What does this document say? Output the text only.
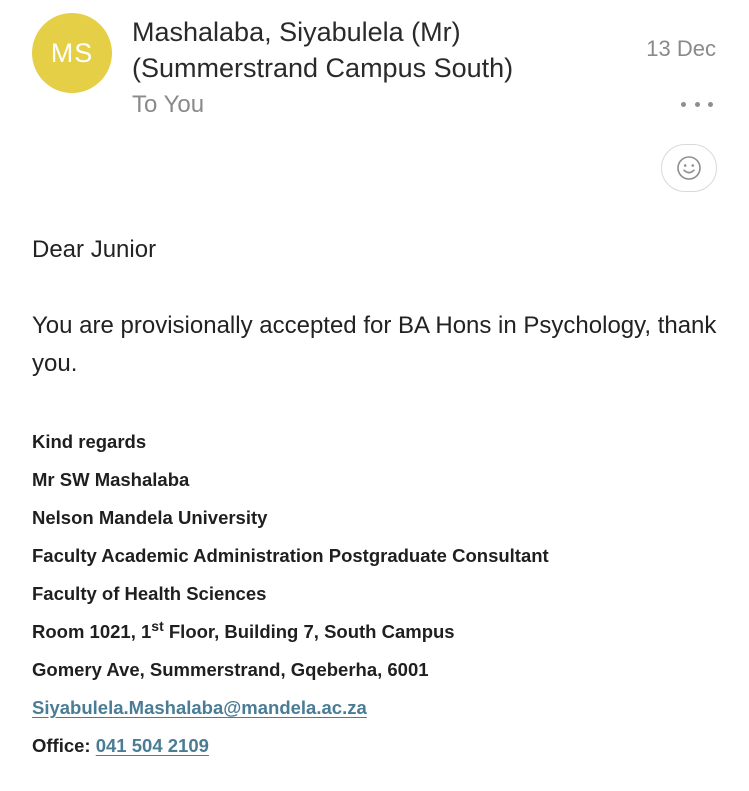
MS
Mashalaba, Siyabulela (Mr) (Summerstrand Campus South)
To You
13 Dec

Dear Junior

You are provisionally accepted for BA Hons in Psychology, thank you.

Kind regards
Mr SW Mashalaba
Nelson Mandela University
Faculty Academic Administration Postgraduate Consultant
Faculty of Health Sciences
Room 1021, 1st Floor, Building 7, South Campus
Gomery Ave, Summerstrand, Gqeberha, 6001
Siyabulela.Mashalaba@mandela.ac.za
Office: 041 504 2109
